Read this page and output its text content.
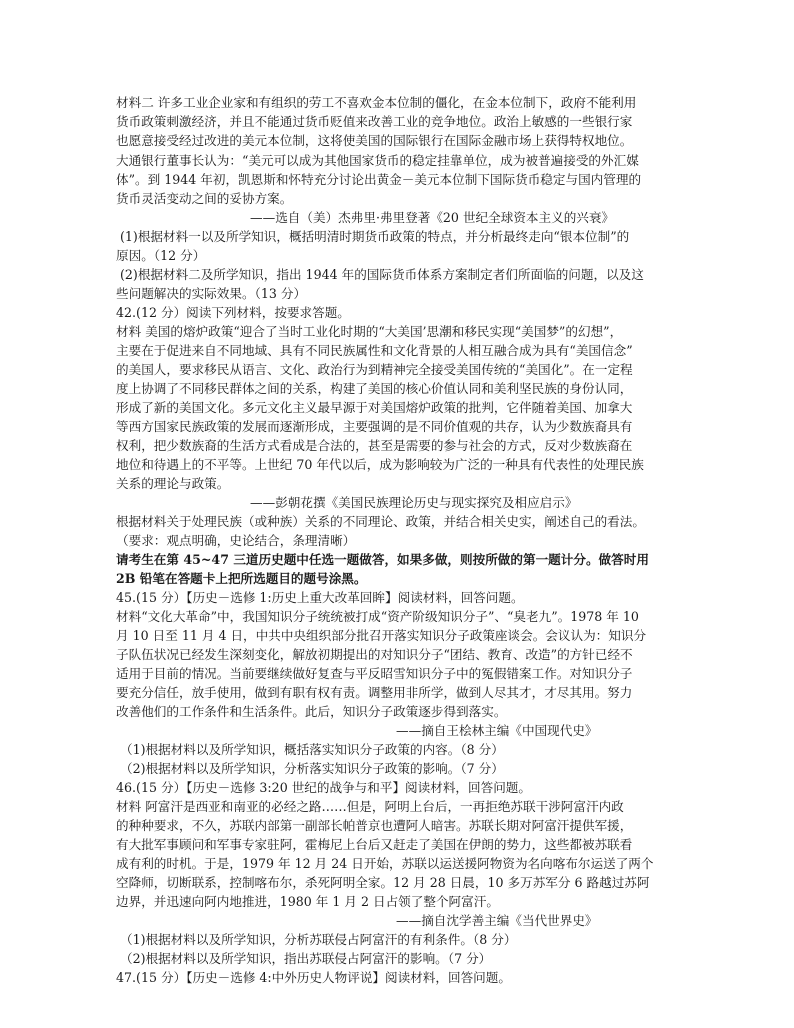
材料二 许多工业企业家和有组织的劳工不喜欢金本位制的僵化，在金本位制下，政府不能利用
货币政策刺激经济，并且不能通过货币贬值来改善工业的竞争地位。政治上敏感的一些银行家
也愿意接受经过改进的美元本位制，这将使美国的国际银行在国际金融市场上获得特权地位。
大通银行董事长认为：“美元可以成为其他国家货币的稳定挂靠单位，成为被普遍接受的外汇媒
体”。到 1944 年初，凯恩斯和怀特充分讨论出黄金－美元本位制下国际货币稳定与国内管理的
货币灵活变动之间的妥协方案。
——选自（美）杰弗里·弗里登著《20 世纪全球资本主义的兴衰》
(1)根据材料一以及所学知识，概括明清时期货币政策的特点，并分析最终走向“银本位制”的
原因。（12 分）
(2)根据材料二及所学知识，指出 1944 年的国际货币体系方案制定者们所面临的问题，以及这
些问题解决的实际效果。（13 分）
42.(12 分）阅读下列材料，按要求答题。
材料 美国的熔炉政策“迎合了当时工业化时期的“大美国’思潮和移民实现“美国梦”的幻想”，
主要在于促进来自不同地域、具有不同民族属性和文化背景的人相互融合成为具有“美国信念”
的美国人，要求移民从语言、文化、政治行为到精神完全接受美国传统的“美国化”。在一定程
度上协调了不同移民群体之间的关系，构建了美国的核心价值认同和美利坚民族的身份认同，
形成了新的美国文化。多元文化主义最早源于对美国熔炉政策的批判，它伴随着美国、加拿大
等西方国家民族政策的发展而逐渐形成，主要强调的是不同价值观的共存，认为少数族裔具有
权利，把少数族裔的生活方式看成是合法的，甚至是需要的参与社会的方式，反对少数族裔在
地位和待遇上的不平等。上世纪 70 年代以后，成为影响较为广泛的一种具有代表性的处理民族
关系的理论与政策。
——彭朝花撰《美国民族理论历史与现实探究及相应启示》
根据材料关于处理民族（或种族）关系的不同理论、政策，并结合相关史实，阐述自己的看法。
（要求：观点明确，史论结合，条理清晰）
请考生在第 45~47 三道历史题中任选一题做答，如果多做，则按所做的第一题计分。做答时用
2B 铅笔在答题卡上把所选题目的题号涂黑。
45.(15 分）【历史－选修 1:历史上重大改革回眸】阅读材料，回答问题。
材料“文化大革命”中，我国知识分子统统被打成“资产阶级知识分子”、“臭老九”。1978 年 10
月 10 日至 11 月 4 日，中共中央组织部分批召开落实知识分子政策座谈会。会议认为：知识分
子队伍状况已经发生深刻变化，解放初期提出的对知识分子“团结、教育、改造”的方针已经不
适用于目前的情况。当前要继续做好复查与平反昭雪知识分子中的冤假错案工作。对知识分子
要充分信任，放手使用，做到有职有权有责。调整用非所学，做到人尽其才，才尽其用。努力
改善他们的工作条件和生活条件。此后，知识分子政策逐步得到落实。
——摘自王桧林主编《中国现代史》
（1)根据材料以及所学知识，概括落实知识分子政策的内容。（8 分）
（2)根据材料以及所学知识，分析落实知识分子政策的影响。（7 分）
46.(15 分）【历史－选修 3:20 世纪的战争与和平】阅读材料，回答问题。
材料 阿富汗是西亚和南亚的必经之路……但是，阿明上台后，一再拒绝苏联干涉阿富汗内政
的种种要求，不久，苏联内部第一副部长帕普京也遭阿人暗害。苏联长期对阿富汗提供军援，
有大批军事顾问和军事专家驻阿，霍梅尼上台后又赶走了美国在伊朗的势力，这些都被苏联看
成有利的时机。于是，1979 年 12 月 24 日开始，苏联以运送援阿物资为名向喀布尔运送了两个
空降师，切断联系，控制喀布尔，杀死阿明全家。12 月 28 日晨，10 多万苏军分 6 路越过苏阿
边界，并迅速向阿内地推进，1980 年 1 月 2 日占领了整个阿富汗。
——摘自沈学善主编《当代世界史》
（1)根据材料以及所学知识，分析苏联侵占阿富汗的有利条件。（8 分）
（2)根据材料以及所学知识，指出苏联侵占阿富汗的影响。（7 分）
47.(15 分）【历史－选修 4:中外历史人物评说】阅读材料，回答问题。
